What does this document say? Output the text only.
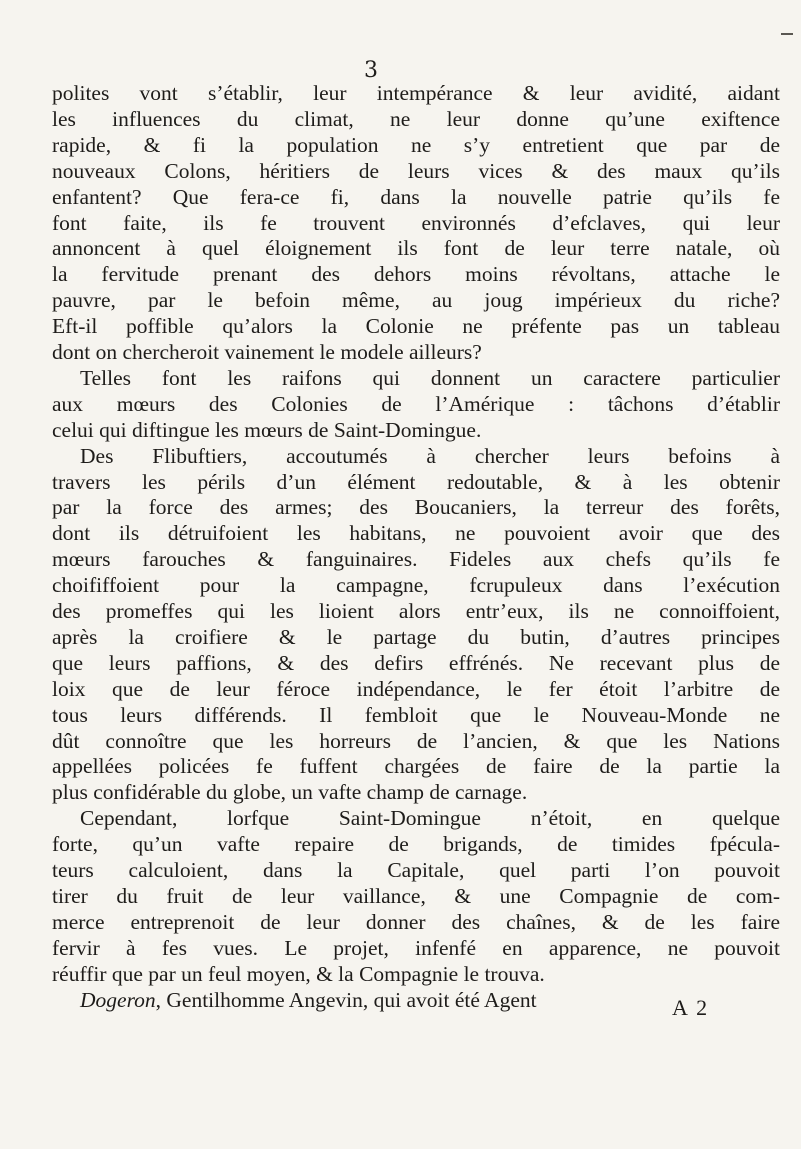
3
polites vont s’établir, leur intempérance & leur avidité, aidant
les influences du climat, ne leur donne qu’une exiftence
rapide, & fi la population ne s’y entretient que par de
nouveaux Colons, héritiers de leurs vices & des maux qu’ils
enfantent? Que fera-ce fi, dans la nouvelle patrie qu’ils fe
font faite, ils fe trouvent environnés d’efclaves, qui leur
annoncent à quel éloignement ils font de leur terre natale, où
la fervitude prenant des dehors moins révoltans, attache le
pauvre, par le befoin même, au joug impérieux du riche?
Eft-il poffible qu’alors la Colonie ne préfente pas un tableau
dont on chercheroit vainement le modele ailleurs?
Telles font les raifons qui donnent un caractere particulier
aux mœurs des Colonies de l’Amérique : tâchons d’établir
celui qui diftingue les mœurs de Saint-Domingue.
Des Flibuftiers, accoutumés à chercher leurs befoins à
travers les périls d’un élément redoutable, & à les obtenir
par la force des armes; des Boucaniers, la terreur des forêts,
dont ils détruifoient les habitans, ne pouvoient avoir que des
mœurs farouches & fanguinaires. Fideles aux chefs qu’ils fe
choififfoient pour la campagne, fcrupuleux dans l’exécution
des promeffes qui les lioient alors entr’eux, ils ne connoiffoient,
après la croifiere & le partage du butin, d’autres principes
que leurs paffions, & des defirs effrénés. Ne recevant plus de
loix que de leur féroce indépendance, le fer étoit l’arbitre de
tous leurs différends. Il fembloit que le Nouveau-Monde ne
dût connoître que les horreurs de l’ancien, & que les Nations
appellées policées fe fuffent chargées de faire de la partie la
plus confidérable du globe, un vafte champ de carnage.
Cependant, lorfque Saint-Domingue n’étoit, en quelque
forte, qu’un vafte repaire de brigands, de timides fpécula-
teurs calculoient, dans la Capitale, quel parti l’on pouvoit
tirer du fruit de leur vaillance, & une Compagnie de com-
merce entreprenoit de leur donner des chaînes, & de les faire
fervir à fes vues. Le projet, infenfé en apparence, ne pouvoit
réuffir que par un feul moyen, & la Compagnie le trouva.
Dogeron, Gentilhomme Angevin, qui avoit été Agent	A 2
